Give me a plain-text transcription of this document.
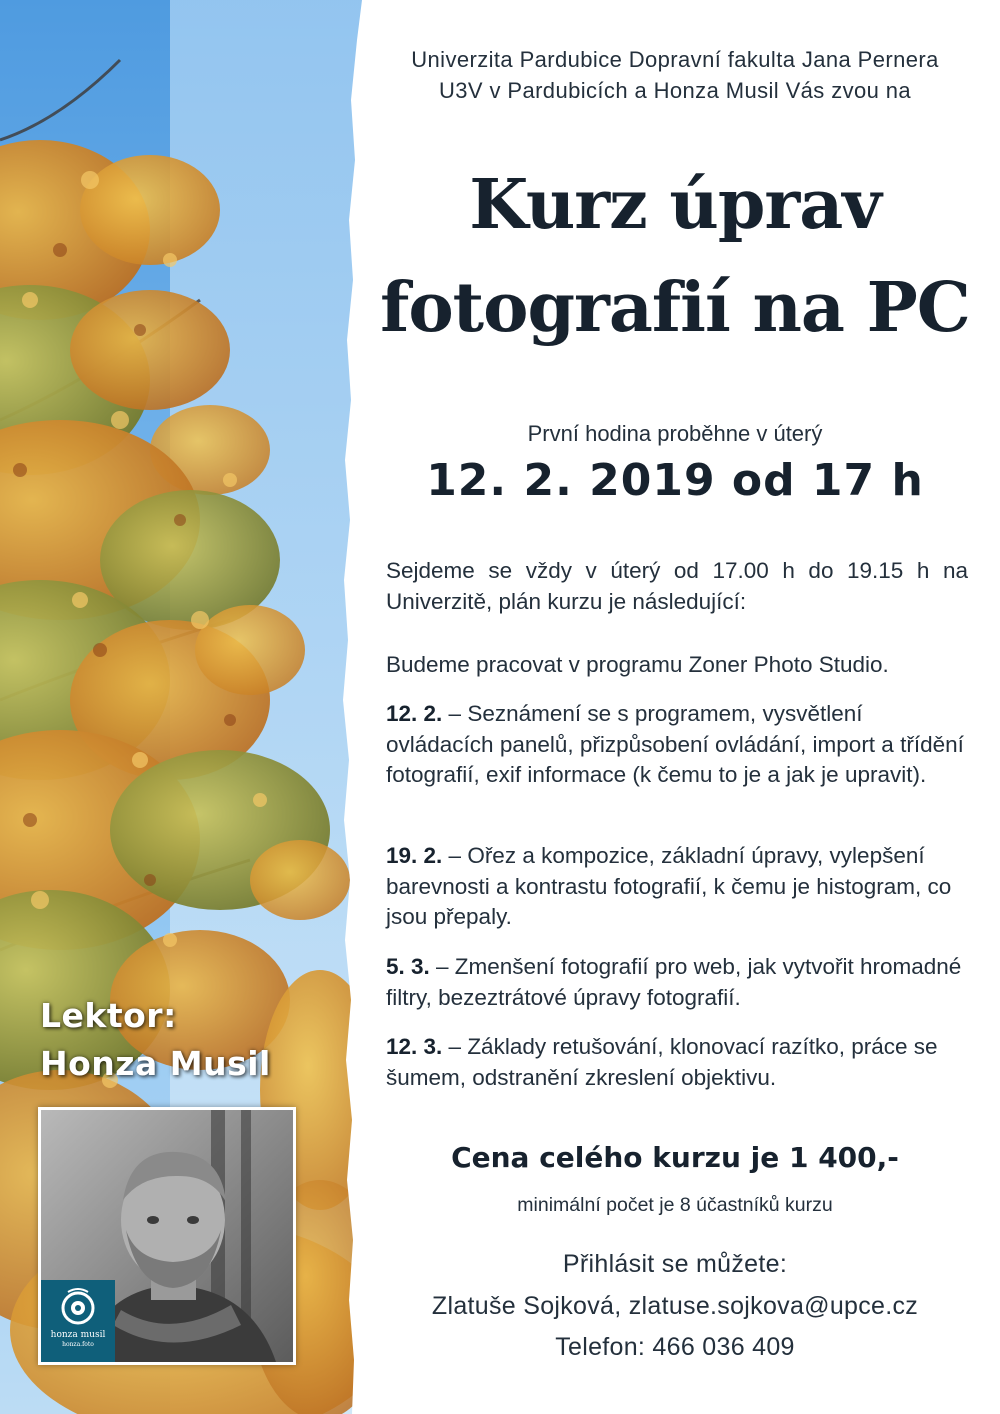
Lektor:
Honza Musil
honza musil
honza.foto
Univerzita Pardubice Dopravní fakulta Jana Pernera
U3V v Pardubicích a Honza Musil Vás zvou na
Kurz úprav
fotografií na PC
První hodina proběhne v úterý
12. 2. 2019 od 17 h
Sejdeme se vždy v úterý od 17.00 h do 19.15 h na Univerzitě, plán kurzu je následující:
Budeme pracovat v programu Zoner Photo Studio.
12. 2. – Seznámení se s programem, vysvětlení ovládacích panelů, přizpůsobení ovládání, import a třídění fotografií, exif informace (k čemu to je a jak je upravit).
19. 2. – Ořez a kompozice, základní úpravy, vylepšení barevnosti a kontrastu fotografií, k čemu je histogram, co jsou přepaly.
5. 3. – Zmenšení fotografií pro web, jak vytvořit hromadné filtry, bezeztrátové úpravy fotografií.
12. 3. – Základy retušování, klonovací razítko, práce se šumem, odstranění zkreslení objektivu.
Cena celého kurzu je 1 400,-
minimální počet je 8 účastníků kurzu
Přihlásit se můžete:
Zlatuše Sojková, zlatuse.sojkova@upce.cz
Telefon: 466 036 409
